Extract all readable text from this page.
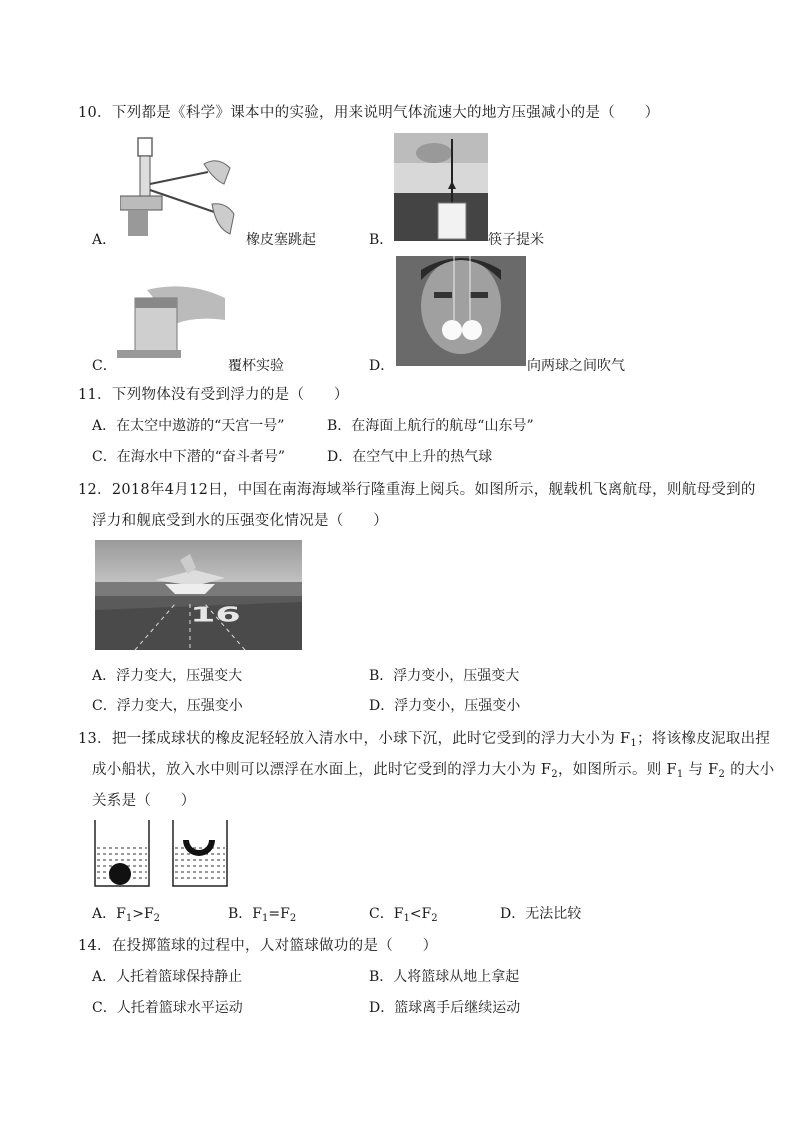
10．下列都是《科学》课本中的实验，用来说明气体流速大的地方压强减小的是（　　）
A．	橡皮塞跳起	B．	筷子提米
C．	覆杯实验	D．	向两球之间吹气
11．下列物体没有受到浮力的是（　　）
A．在太空中遨游的“天宫一号”	B．在海面上航行的航母“山东号”
C．在海水中下潜的“奋斗者号”	D．在空气中上升的热气球
12．2018年4月12日，中国在南海海域举行隆重海上阅兵。如图所示，舰载机飞离航母，则航母受到的
浮力和舰底受到水的压强变化情况是（　　）
16
A．浮力变大，压强变大	B．浮力变小，压强变大
C．浮力变大，压强变小	D．浮力变小，压强变小
13．把一揉成球状的橡皮泥轻轻放入清水中，小球下沉，此时它受到的浮力大小为 $F_1$；将该橡皮泥取出捏
成小船状，放入水中则可以漂浮在水面上，此时它受到的浮力大小为 $F_2$，如图所示。则 $F_1$ 与 $F_2$ 的大小
关系是（　　）
A．$F_1>F_2$	B．$F_1=F_2$	C．$F_1<F_2$	D．无法比较
14．在投掷篮球的过程中，人对篮球做功的是（　　）
A．人托着篮球保持静止	B．人将篮球从地上拿起
C．人托着篮球水平运动	D．篮球离手后继续运动
